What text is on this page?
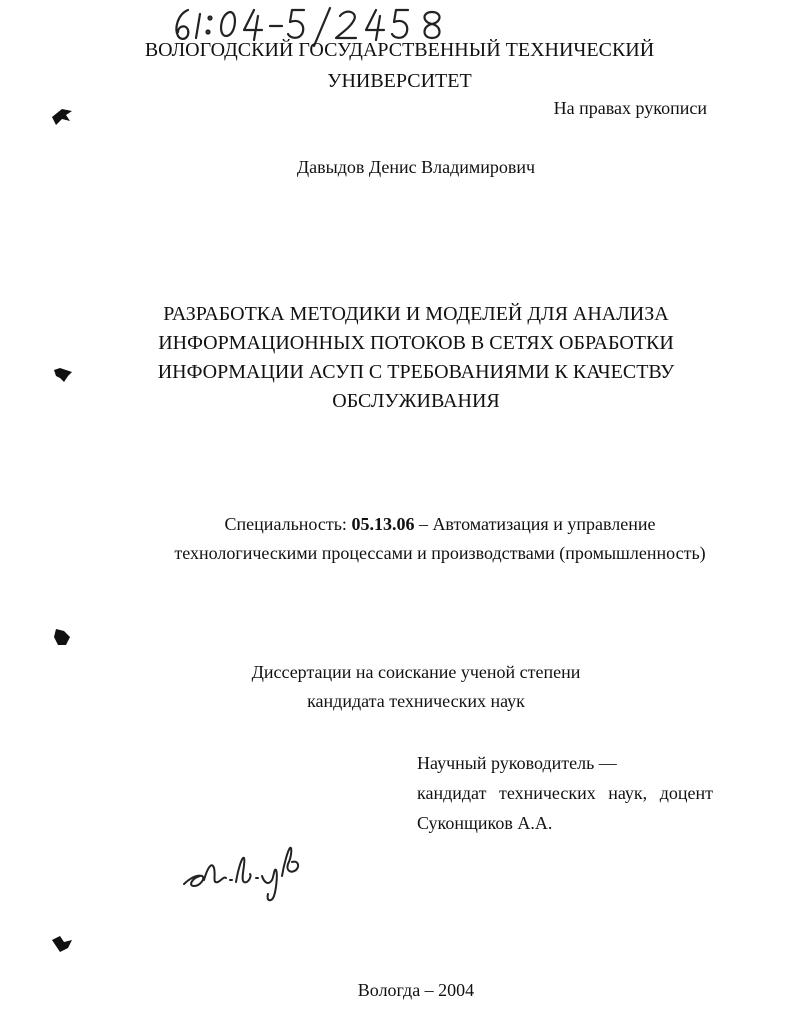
ВОЛОГОДСКИЙ ГОСУДАРСТВЕННЫЙ ТЕХНИЧЕСКИЙ
УНИВЕРСИТЕТ
На правах рукописи
Давыдов Денис Владимирович
РАЗРАБОТКА МЕТОДИКИ И МОДЕЛЕЙ ДЛЯ АНАЛИЗА
ИНФОРМАЦИОННЫХ ПОТОКОВ В СЕТЯХ ОБРАБОТКИ
ИНФОРМАЦИИ АСУП С ТРЕБОВАНИЯМИ К КАЧЕСТВУ
ОБСЛУЖИВАНИЯ
Специальность: 05.13.06 – Автоматизация и управление
технологическими процессами и производствами (промышленность)
Диссертации на соискание ученой степени
кандидата технических наук
Научный руководитель —
кандидат технических наук, доцент
Суконщиков А.А.
Вологда – 2004
